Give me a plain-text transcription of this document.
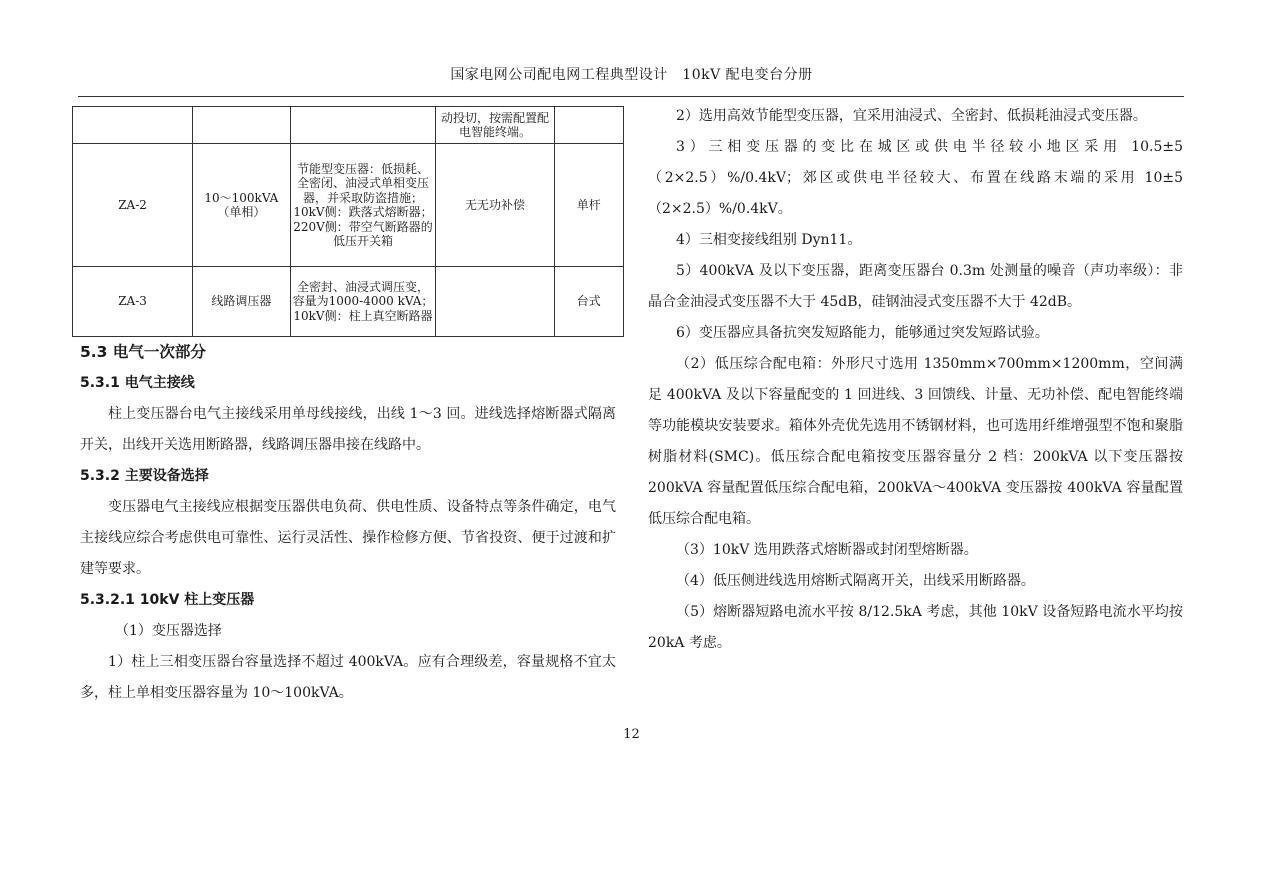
国家电网公司配电网工程典型设计　10kV 配电变台分册
			动投切，按需配置配电智能终端。	
ZA-2	10～100kVA（单相）	节能型变压器：低损耗、全密闭、油浸式单相变压器，并采取防盗措施； 10kV侧：跌落式熔断器； 220V侧：带空气断路器的低压开关箱	无无功补偿	单杆
ZA-3	线路调压器	全密封、油浸式调压变，容量为1000-4000 kVA； 10kV侧：柱上真空断路器		台式

5.3 电气一次部分

5.3.1 电气主接线

柱上变压器台电气主接线采用单母线接线，出线 1～3 回。进线选择熔断器式隔离开关，出线开关选用断路器，线路调压器串接在线路中。

5.3.2 主要设备选择

变压器电气主接线应根据变压器供电负荷、供电性质、设备特点等条件确定，电气主接线应综合考虑供电可靠性、运行灵活性、操作检修方便、节省投资、便于过渡和扩建等要求。

5.3.2.1 10kV 柱上变压器

（1）变压器选择

1）柱上三相变压器台容量选择不超过 400kVA。应有合理级差，容量规格不宜太多，柱上单相变压器容量为 10～100kVA。

2）选用高效节能型变压器，宜采用油浸式、全密封、低损耗油浸式变压器。

3）三相变压器的变比在城区或供电半径较小地区采用 10.5±5（2×2.5）%/0.4kV；郊区或供电半径较大、布置在线路末端的采用 10±5（2×2.5）%/0.4kV。

4）三相变接线组别 Dyn11。

5）400kVA 及以下变压器，距离变压器台 0.3m 处测量的噪音（声功率级）：非晶合金油浸式变压器不大于 45dB，硅钢油浸式变压器不大于 42dB。

6）变压器应具备抗突发短路能力，能够通过突发短路试验。

（2）低压综合配电箱：外形尺寸选用 1350mm×700mm×1200mm，空间满足 400kVA 及以下容量配变的 1 回进线、3 回馈线、计量、无功补偿、配电智能终端等功能模块安装要求。箱体外壳优先选用不锈钢材料，也可选用纤维增强型不饱和聚脂树脂材料(SMC)。低压综合配电箱按变压器容量分 2 档：200kVA 以下变压器按 200kVA 容量配置低压综合配电箱，200kVA～400kVA 变压器按 400kVA 容量配置低压综合配电箱。

（3）10kV 选用跌落式熔断器或封闭型熔断器。

（4）低压侧进线选用熔断式隔离开关，出线采用断路器。

（5）熔断器短路电流水平按 8/12.5kA 考虑，其他 10kV 设备短路电流水平均按 20kA 考虑。

12
